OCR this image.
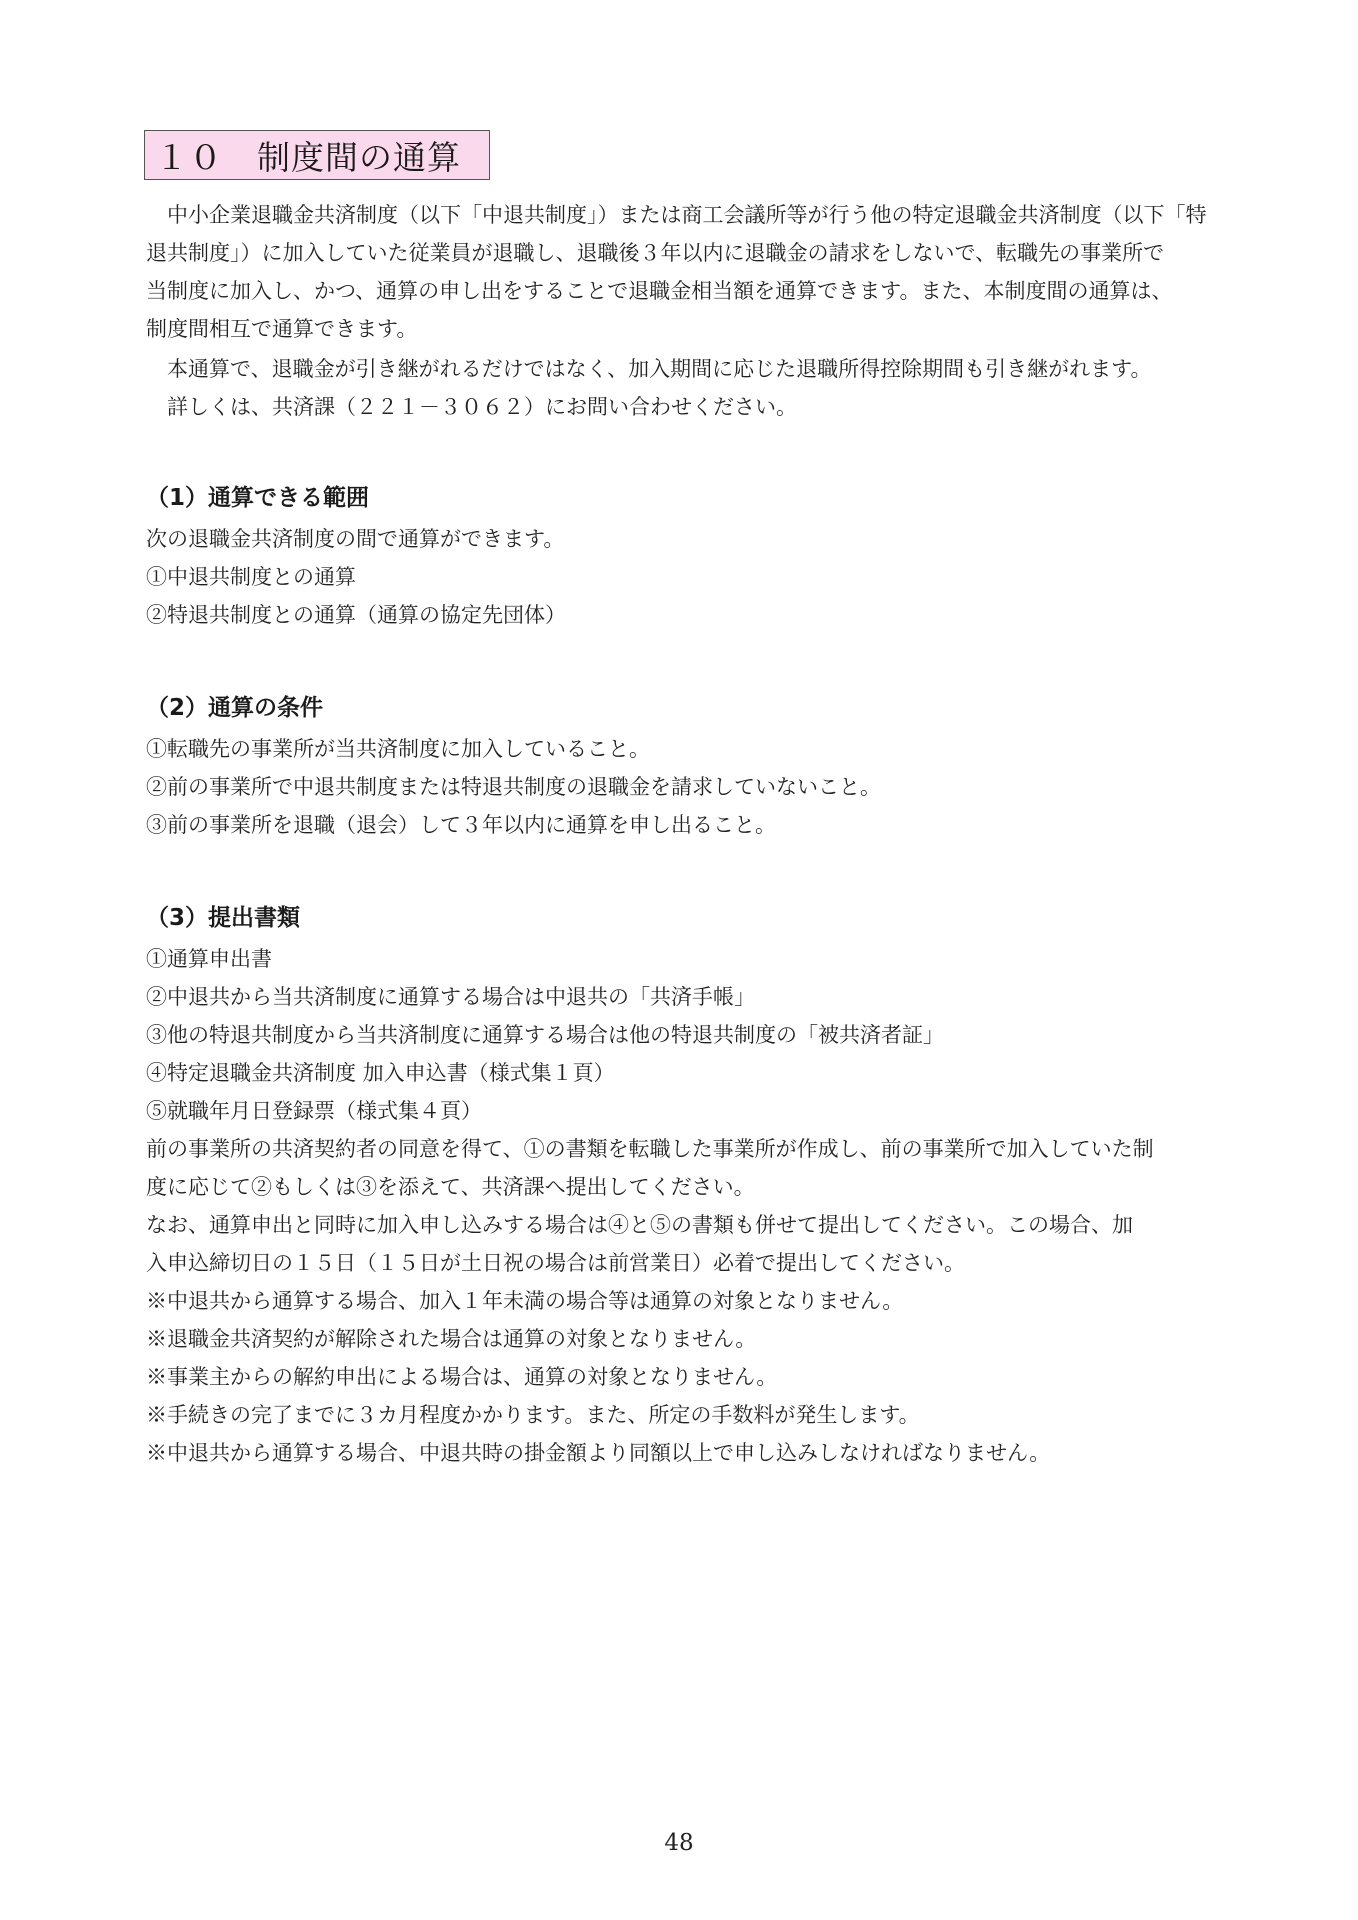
１０　制度間の通算
中小企業退職金共済制度（以下「中退共制度」）または商工会議所等が行う他の特定退職金共済制度（以下「特
退共制度」）に加入していた従業員が退職し、退職後３年以内に退職金の請求をしないで、転職先の事業所で
当制度に加入し、かつ、通算の申し出をすることで退職金相当額を通算できます。また、本制度間の通算は、
制度間相互で通算できます。
本通算で、退職金が引き継がれるだけではなく、加入期間に応じた退職所得控除期間も引き継がれます。
詳しくは、共済課（２２１－３０６２）にお問い合わせください。
（1）通算できる範囲
次の退職金共済制度の間で通算ができます。
①中退共制度との通算
②特退共制度との通算（通算の協定先団体）
（2）通算の条件
①転職先の事業所が当共済制度に加入していること。
②前の事業所で中退共制度または特退共制度の退職金を請求していないこと。
③前の事業所を退職（退会）して３年以内に通算を申し出ること。
（3）提出書類
①通算申出書
②中退共から当共済制度に通算する場合は中退共の「共済手帳」
③他の特退共制度から当共済制度に通算する場合は他の特退共制度の「被共済者証」
④特定退職金共済制度 加入申込書（様式集１頁）
⑤就職年月日登録票（様式集４頁）
前の事業所の共済契約者の同意を得て、①の書類を転職した事業所が作成し、前の事業所で加入していた制
度に応じて②もしくは③を添えて、共済課へ提出してください。
なお、通算申出と同時に加入申し込みする場合は④と⑤の書類も併せて提出してください。この場合、加
入申込締切日の１５日（１５日が土日祝の場合は前営業日）必着で提出してください。
※中退共から通算する場合、加入１年未満の場合等は通算の対象となりません。
※退職金共済契約が解除された場合は通算の対象となりません。
※事業主からの解約申出による場合は、通算の対象となりません。
※手続きの完了までに３カ月程度かかります。また、所定の手数料が発生します。
※中退共から通算する場合、中退共時の掛金額より同額以上で申し込みしなければなりません。
48
